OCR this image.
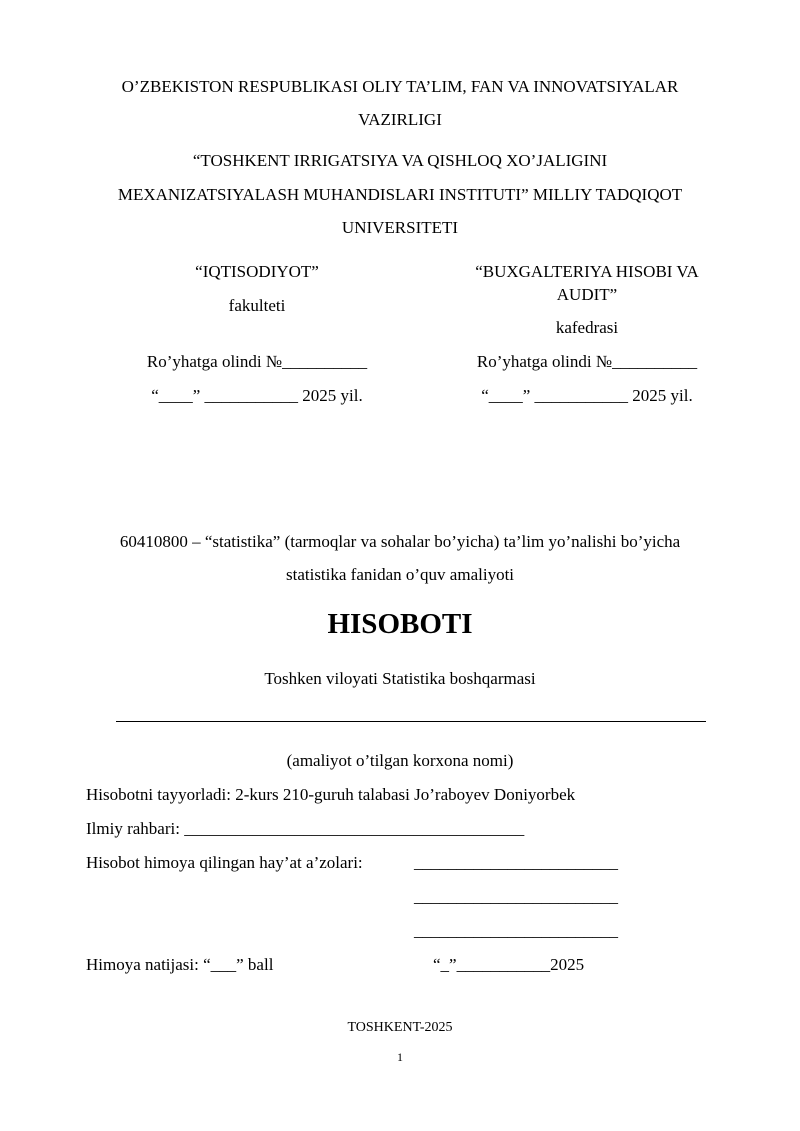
O’ZBEKISTON RESPUBLIKASI OLIY TA’LIM, FAN VA INNOVATSIYALAR
VAZIRLIGI
“TOSHKENT IRRIGATSIYA VA QISHLOQ XO’JALIGINI
MEXANIZATSIYALASH MUHANDISLARI INSTITUTI” MILLIY TADQIQOT
UNIVERSITETI
“IQTISODIYOT”
fakulteti
Ro’yhatga olindi №__________
“____” ___________ 2025 yil.
“BUXGALTERIYA HISOBI VA
AUDIT”
kafedrasi
Ro’yhatga olindi №__________
“____” ___________ 2025 yil.
60410800 – “statistika” (tarmoqlar va sohalar bo’yicha) ta’lim yo’nalishi bo’yicha
statistika fanidan o’quv amaliyoti
HISOBOTI
Toshken viloyati Statistika boshqarmasi
(amaliyot o’tilgan korxona nomi)
Hisobotni tayyorladi: 2-kurs 210-guruh talabasi Jo’raboyev Doniyorbek
Ilmiy rahbari: ________________________________________
Hisobot himoya qilingan hay’at a’zolari:	________________________
________________________
________________________
Himoya natijasi: “___” ball	“_”___________2025
TOSHKENT-2025
1
